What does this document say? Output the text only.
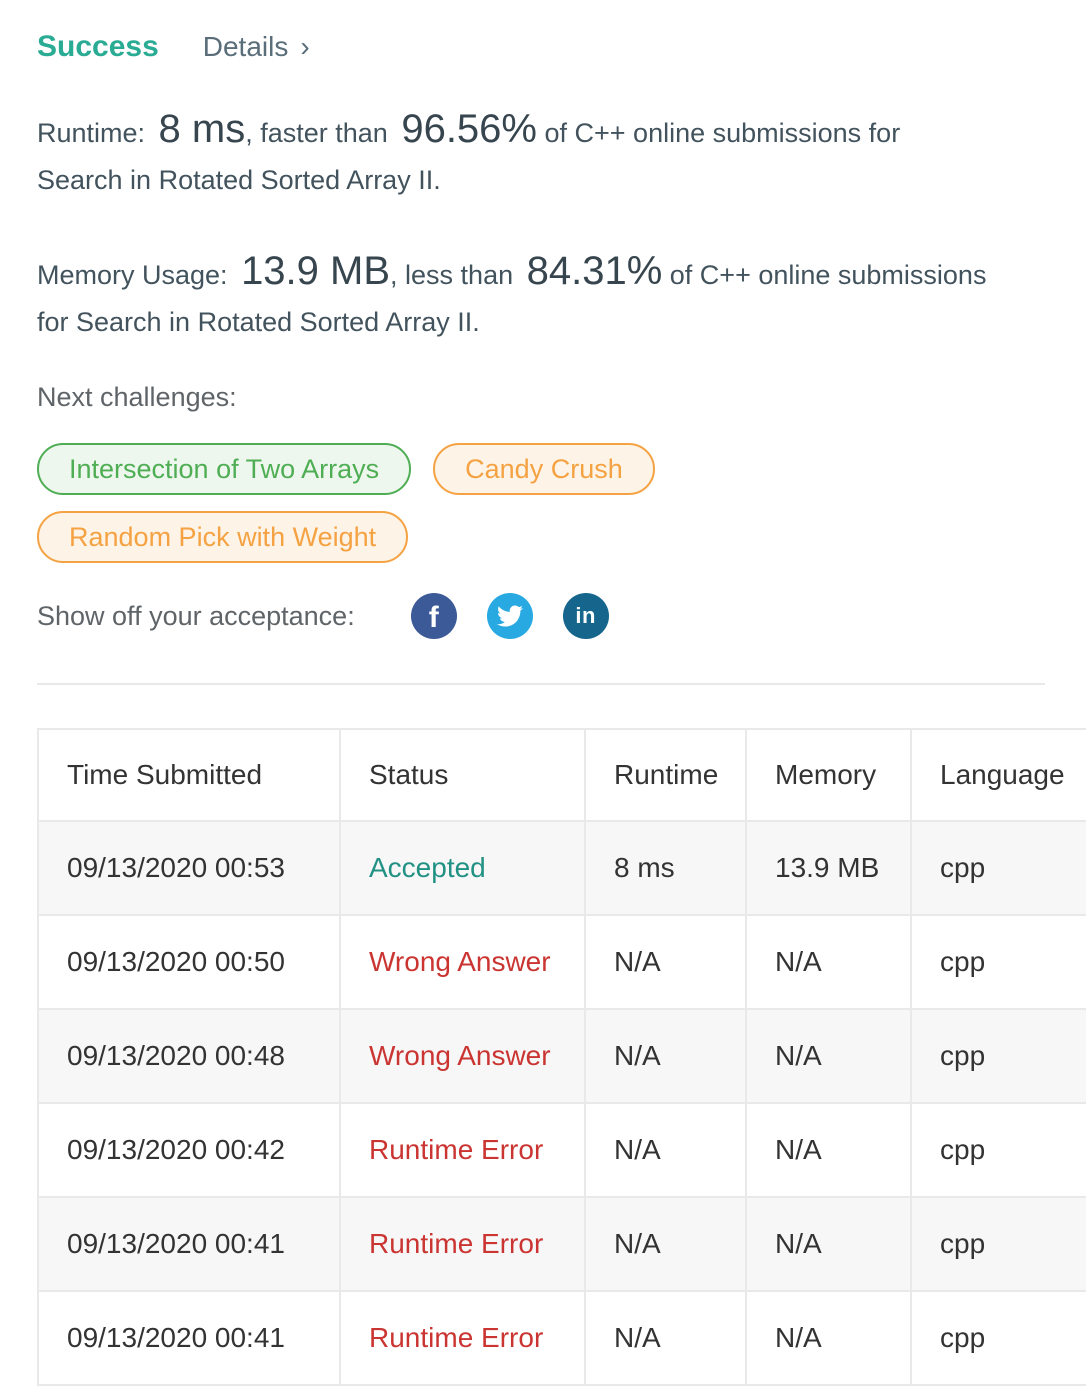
Success Details ›

Runtime: 8 ms, faster than 96.56% of C++ online submissions for Search in Rotated Sorted Array II.

Memory Usage: 13.9 MB, less than 84.31% of C++ online submissions for Search in Rotated Sorted Array II.

Next challenges:
Intersection of Two Arrays	Candy Crush
Random Pick with Weight
Show off your acceptance: f	in
Time Submitted	Status	Runtime	Memory	Language
09/13/2020 00:53	Accepted	8 ms	13.9 MB	cpp
09/13/2020 00:50	Wrong Answer	N/A	N/A	cpp
09/13/2020 00:48	Wrong Answer	N/A	N/A	cpp
09/13/2020 00:42	Runtime Error	N/A	N/A	cpp
09/13/2020 00:41	Runtime Error	N/A	N/A	cpp
09/13/2020 00:41	Runtime Error	N/A	N/A	cpp
